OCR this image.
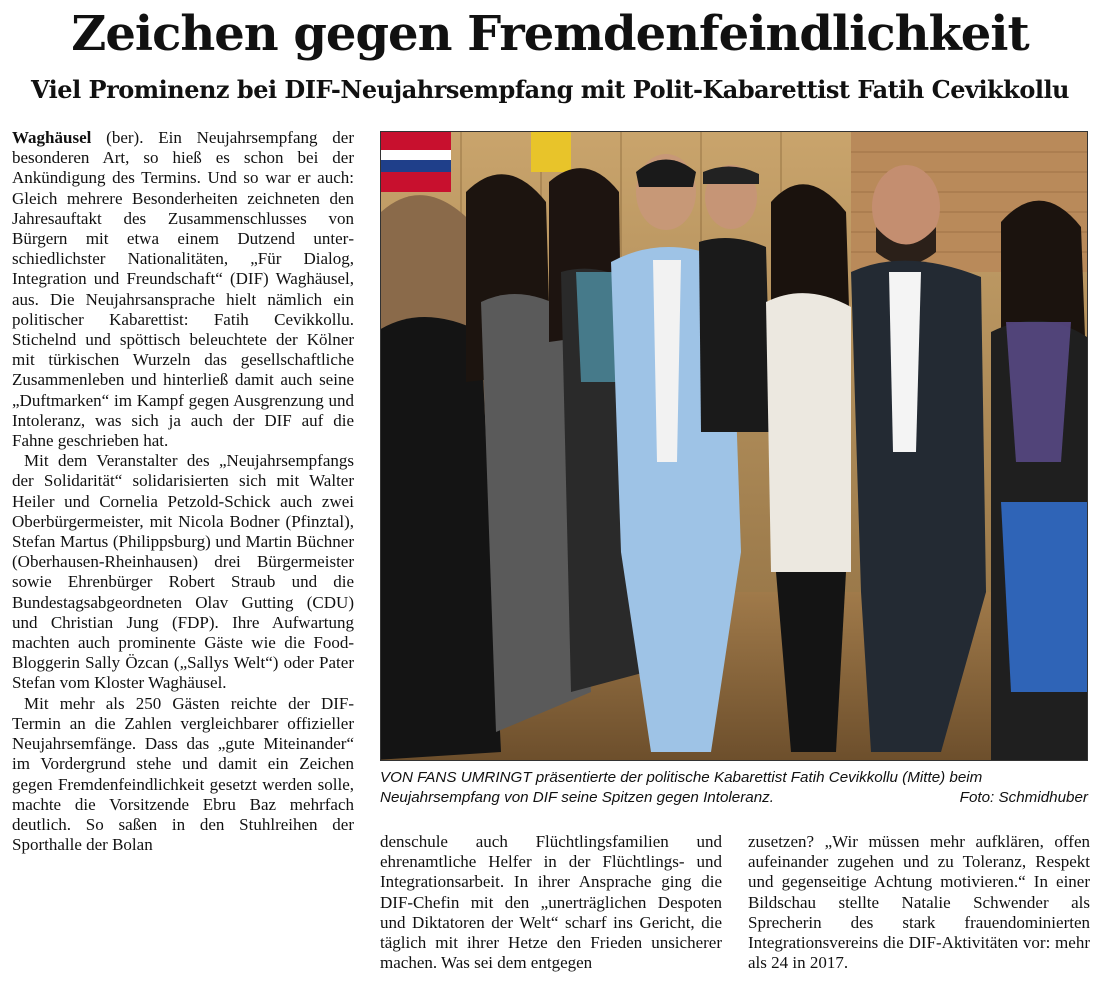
Zeichen gegen Fremdenfeindlichkeit
Viel Prominenz bei DIF-Neujahrsempfang mit Polit-Kabarettist Fatih Cevikkollu

Waghäusel (ber). Ein Neujahrsempfang der besonderen Art, so hieß es schon bei der Ankündigung des Termins. Und so war er auch: Gleich mehrere Besonderheiten zeichneten den Jahresauftakt des Zusammenschlusses von Bürgern mit etwa einem Dutzend unterschiedlichster Nationalitäten, „Für Dialog, Integration und Freundschaft“ (DIF) Waghäusel, aus. Die Neujahrsansprache hielt nämlich ein politischer Kabarettist: Fatih Cevikkollu. Stichelnd und spöttisch beleuchtete der Kölner mit türkischen Wurzeln das gesellschaftliche Zusammenleben und hinterließ damit auch seine „Duftmarken“ im Kampf gegen Ausgrenzung und Intoleranz, was sich ja auch der DIF auf die Fahne geschrieben hat.

Mit dem Veranstalter des „Neujahrsempfangs der Solidarität“ solidarisierten sich mit Walter Heiler und Cornelia Petzold-Schick auch zwei Oberbürgermeister, mit Nicola Bodner (Pfinztal), Stefan Martus (Philippsburg) und Martin Büchner (Oberhausen-Rheinhausen) drei Bürgermeister sowie Ehrenbürger Robert Straub und die Bundestagsabgeordneten Olav Gutting (CDU) und Christian Jung (FDP). Ihre Aufwartung machten auch prominente Gäste wie die Food-Bloggerin Sally Özcan („Sallys Welt“) oder Pater Stefan vom Kloster Waghäusel.

Mit mehr als 250 Gästen reichte der DIF-Termin an die Zahlen vergleichbarer offizieller Neujahrsemfänge. Dass das „gute Miteinander“ im Vordergrund stehe und damit ein Zeichen gegen Fremdenfeindlichkeit gesetzt werden solle, machte die Vorsitzende Ebru Baz mehrfach deutlich. So saßen in den Stuhlreihen der Sporthalle der Bolan

VON FANS UMRINGT präsentierte der politische Kabarettist Fatih Cevikkollu (Mitte) beim
Neujahrsempfang von DIF seine Spitzen gegen Intoleranz.	Foto: Schmidhuber

denschule auch Flüchtlingsfamilien und ehrenamtliche Helfer in der Flüchtlings- und Integrationsarbeit. In ihrer Ansprache ging die DIF-Chefin mit den „unerträglichen Despoten und Diktatoren der Welt“ scharf ins Gericht, die täglich mit ihrer Hetze den Frieden unsicherer machen. Was sei dem entgegen

zusetzen? „Wir müssen mehr aufklären, offen aufeinander zugehen und zu Toleranz, Respekt und gegenseitige Achtung motivieren.“ In einer Bildschau stellte Natalie Schwender als Sprecherin des stark frauendominierten Integrationsvereins die DIF-Aktivitäten vor: mehr als 24 in 2017.
